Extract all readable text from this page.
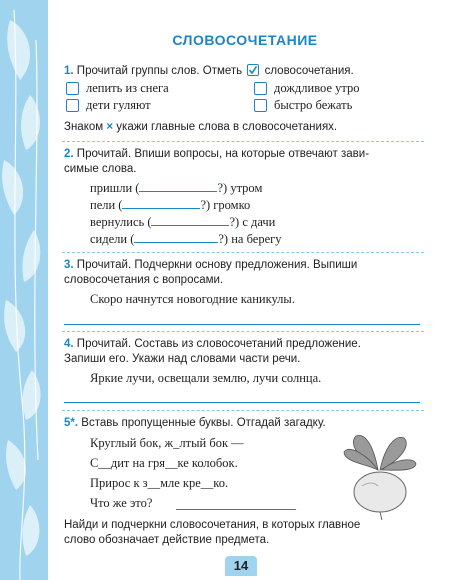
СЛОВОСОЧЕТАНИЕ
1. Прочитай группы слов. Отметь словосочетания.
лепить из снега	дождливое утро
дети гуляют	быстро бежать
Знаком × укажи главные слова в словосочетаниях.
2. Прочитай. Впиши вопросы, на которые отвечают зави-
симые слова.
пришли (	?) утром
пели (	?) громко
вернулись (	?) с дачи
сидели (	?) на берегу
3. Прочитай. Подчеркни основу предложения. Выпиши
словосочетания с вопросами.
Скоро начнутся новогодние каникулы.
4. Прочитай. Составь из словосочетаний предложение.
Запиши его. Укажи над словами части речи.
Яркие лучи, освещали землю, лучи солнца.
5*. Вставь пропущенные буквы. Отгадай загадку.
Круглый бок, ж_лтый бок —
С__дит на гря__ке колобок.
Прирос к з__мле кре__ко.
Что же это?
Найди и подчеркни словосочетания, в которых главное
слово обозначает действие предмета.
14
